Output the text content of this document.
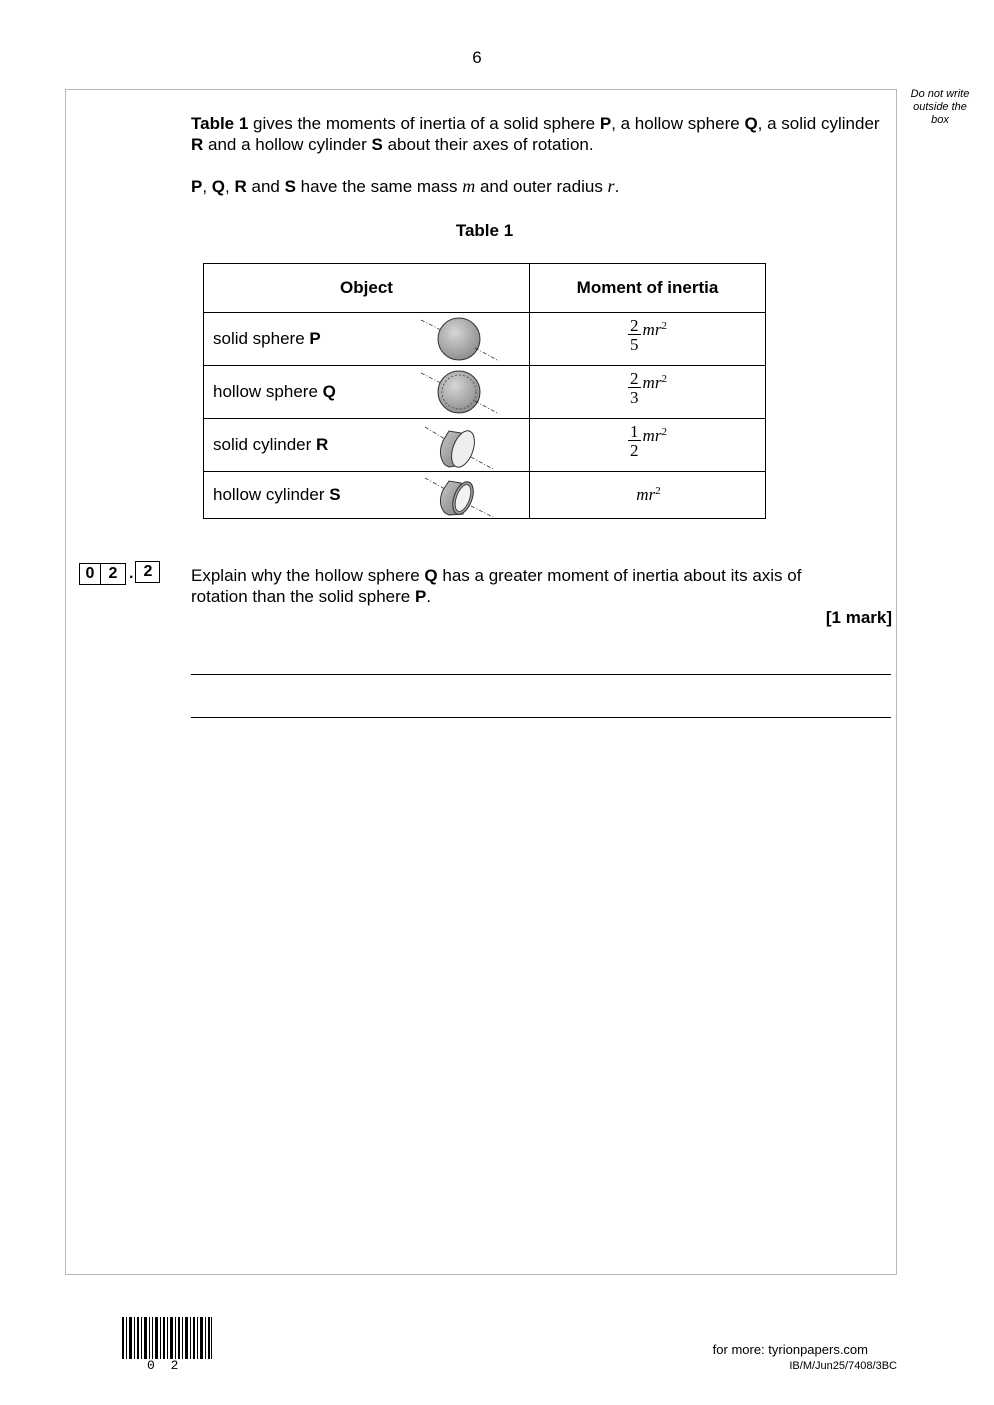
6
Do not write outside the box

Table 1 gives the moments of inertia of a solid sphere P, a hollow sphere Q, a solid cylinder
R and a hollow cylinder S about their axes of rotation.

P, Q, R and S have the same mass m and outer radius r.

Table 1
Object	Moment of inertia
solid sphere P	$\frac{2}{5} mr^2$
hollow sphere Q	$\frac{2}{3} mr^2$
solid cylinder R	$\frac{1}{2} mr^2$
hollow cylinder S	$mr^2$
0 2 . 2	Explain why the hollow sphere Q has a greater moment of inertia about its axis of rotation than the solid sphere P.

[1 mark]
0 2
for more: tyrionpapers.com
IB/M/Jun25/7408/3BC
